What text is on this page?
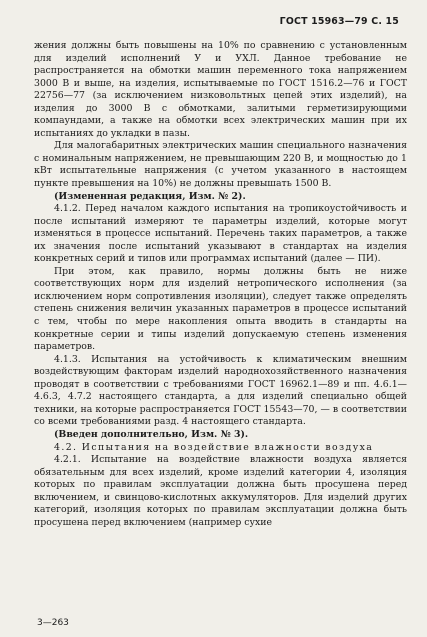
ГОСТ 15963—79 С. 15

жения должны быть повышены на 10% по сравнению с установленным для изделий исполнений У и УХЛ. Данное требование не распространяется на обмотки машин переменного тока напряжением 3000 В и выше, на изделия, испытываемые по ГОСТ 1516.2—76 и ГОСТ 22756—77 (за исключением низковольтных цепей этих изделий), на изделия до 3000 В с обмотками, залитыми герметизирующими компаундами, а также на обмотки всех электрических машин при их испытаниях до укладки в пазы.

Для малогабаритных электрических машин специального назначения с номинальным напряжением, не превышающим 220 В, и мощностью до 1 кВт испытательные напряжения (с учетом указанного в настоящем пункте превышения на 10%) не должны превышать 1500 В.

(Измененная редакция, Изм. № 2).

4.1.2. Перед началом каждого испытания на тропикоустойчивость и после испытаний измеряют те параметры изделий, которые могут изменяться в процессе испытаний. Перечень таких параметров, а также их значения после испытаний указывают в стандартах на изделия конкретных серий и типов или программах испытаний (далее — ПИ).

При этом, как правило, нормы должны быть не ниже соответствующих норм для изделий нетропического исполнения (за исключением норм сопротивления изоляции), следует также определять степень снижения величин указанных параметров в процессе испытаний с тем, чтобы по мере накопления опыта вводить в стандарты на конкретные серии и типы изделий допускаемую степень изменения параметров.

4.1.3. Испытания на устойчивость к климатическим внешним воздействующим факторам изделий народнохозяйственного назначения проводят в соответствии с требованиями ГОСТ 16962.1—89 и пп. 4.6.1—4.6.3, 4.7.2 настоящего стандарта, а для изделий специально общей техники, на которые распространяется ГОСТ 15543—70, — в соответствии со всеми требованиями разд. 4 настоящего стандарта.

(Введен дополнительно, Изм. № 3).

4.2. Испытания на воздействие влажности воздуха

4.2.1. Испытание на воздействие влажности воздуха является обязательным для всех изделий, кроме изделий категории 4, изоляция которых по правилам эксплуатации должна быть просушена перед включением, и свинцово-кислотных аккумуляторов. Для изделий других категорий, изоляция которых по правилам эксплуатации должна быть просушена перед включением (например сухие

3—263
